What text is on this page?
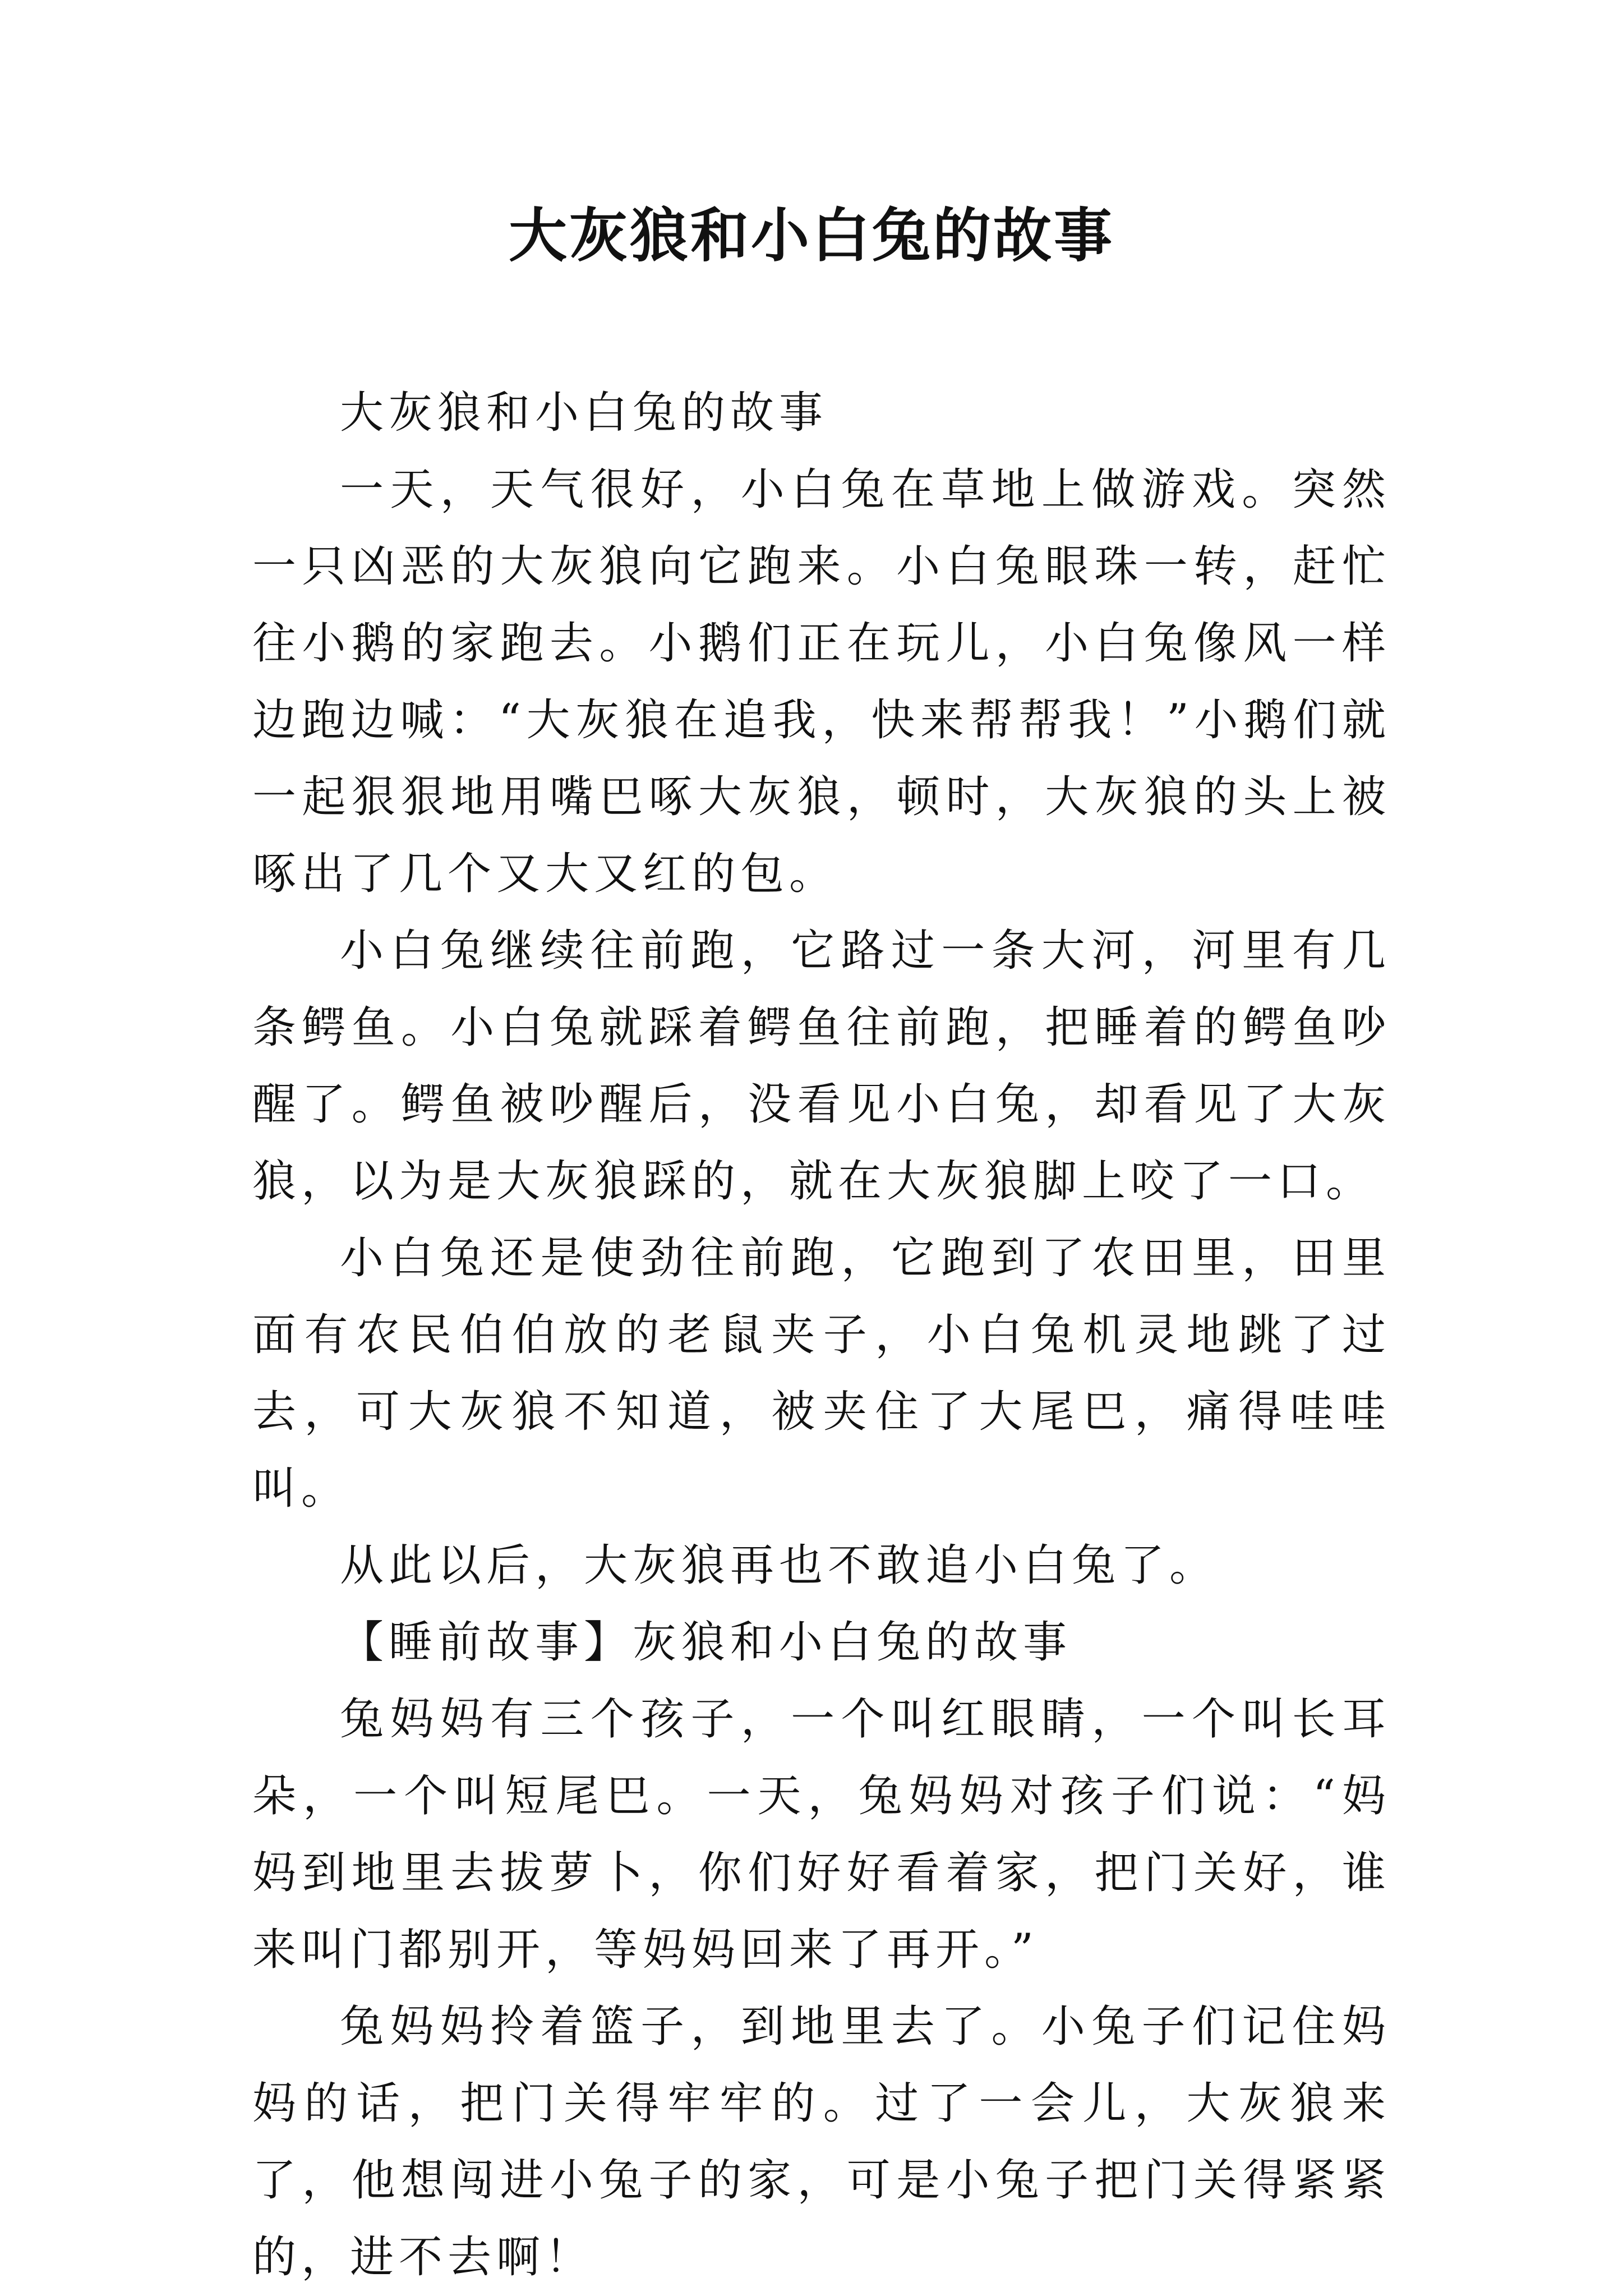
大灰狼和小白兔的故事

大灰狼和小白兔的故事

一天，天气很好，小白兔在草地上做游戏。突然一只凶恶的大灰狼向它跑来。小白兔眼珠一转，赶忙往小鹅的家跑去。小鹅们正在玩儿，小白兔像风一样边跑边喊：“大灰狼在追我，快来帮帮我！”小鹅们就一起狠狠地用嘴巴啄大灰狼，顿时，大灰狼的头上被啄出了几个又大又红的包。

小白兔继续往前跑，它路过一条大河，河里有几条鳄鱼。小白兔就踩着鳄鱼往前跑，把睡着的鳄鱼吵醒了。鳄鱼被吵醒后，没看见小白兔，却看见了大灰狼，以为是大灰狼踩的，就在大灰狼脚上咬了一口。

小白兔还是使劲往前跑，它跑到了农田里，田里面有农民伯伯放的老鼠夹子，小白兔机灵地跳了过去，可大灰狼不知道，被夹住了大尾巴，痛得哇哇叫。

从此以后，大灰狼再也不敢追小白兔了。

【睡前故事】灰狼和小白兔的故事

兔妈妈有三个孩子，一个叫红眼睛，一个叫长耳朵，一个叫短尾巴。一天，兔妈妈对孩子们说：“妈妈到地里去拔萝卜，你们好好看着家，把门关好，谁来叫门都别开，等妈妈回来了再开。”

兔妈妈拎着篮子，到地里去了。小兔子们记住妈妈的话，把门关得牢牢的。过了一会儿，大灰狼来了，他想闯进小兔子的家，可是小兔子把门关得紧紧的，进不去啊！
